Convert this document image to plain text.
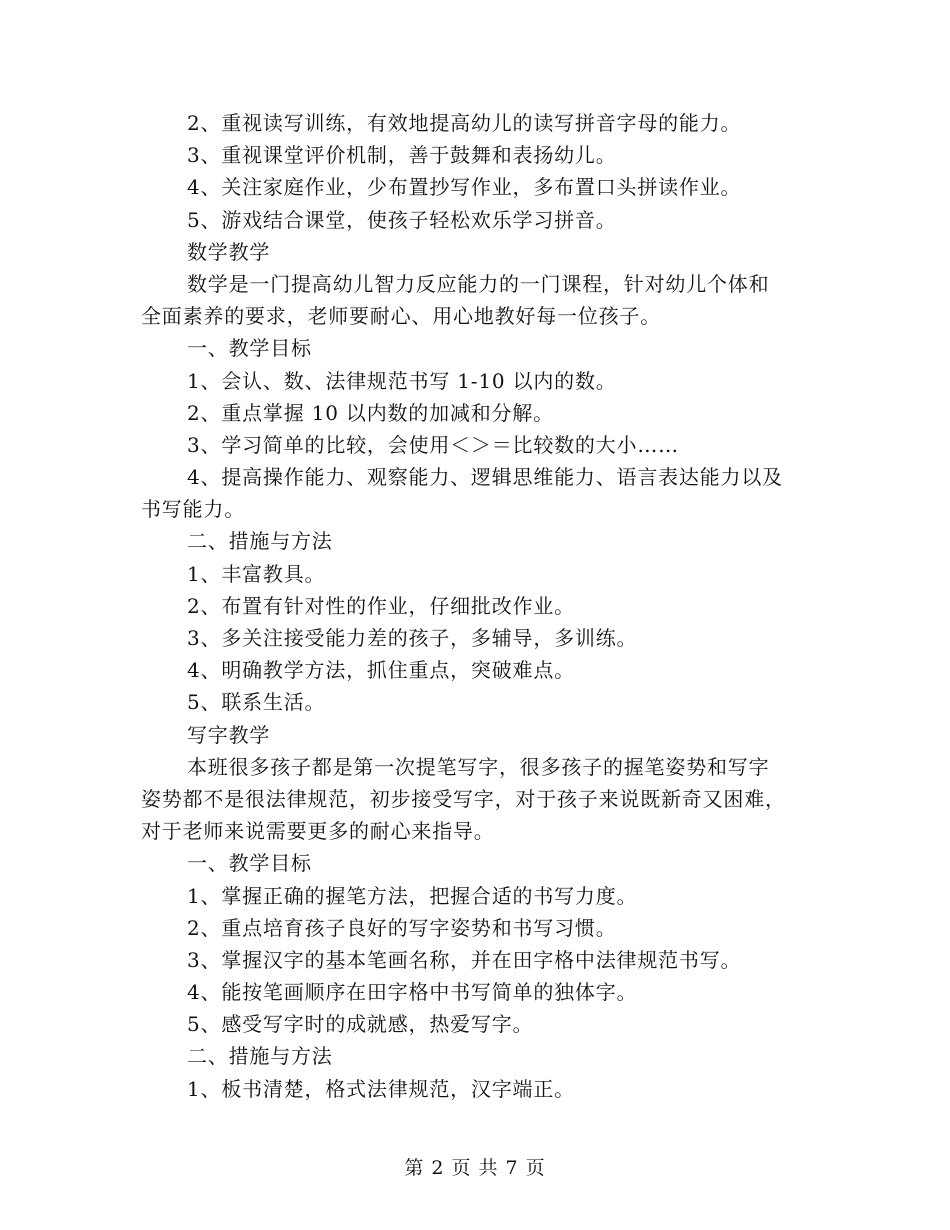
2、重视读写训练，有效地提高幼儿的读写拼音字母的能力。
3、重视课堂评价机制，善于鼓舞和表扬幼儿。
4、关注家庭作业，少布置抄写作业，多布置口头拼读作业。
5、游戏结合课堂，使孩子轻松欢乐学习拼音。
数学教学
数学是一门提高幼儿智力反应能力的一门课程，针对幼儿个体和
全面素养的要求，老师要耐心、用心地教好每一位孩子。
一、教学目标
1、会认、数、法律规范书写 1-10 以内的数。
2、重点掌握 10 以内数的加减和分解。
3、学习简单的比较，会使用＜＞＝比较数的大小……
4、提高操作能力、观察能力、逻辑思维能力、语言表达能力以及
书写能力。
二、措施与方法
1、丰富教具。
2、布置有针对性的作业，仔细批改作业。
3、多关注接受能力差的孩子，多辅导，多训练。
4、明确教学方法，抓住重点，突破难点。
5、联系生活。
写字教学
本班很多孩子都是第一次提笔写字，很多孩子的握笔姿势和写字
姿势都不是很法律规范，初步接受写字，对于孩子来说既新奇又困难，
对于老师来说需要更多的耐心来指导。
一、教学目标
1、掌握正确的握笔方法，把握合适的书写力度。
2、重点培育孩子良好的写字姿势和书写习惯。
3、掌握汉字的基本笔画名称，并在田字格中法律规范书写。
4、能按笔画顺序在田字格中书写简单的独体字。
5、感受写字时的成就感，热爱写字。
二、措施与方法
1、板书清楚，格式法律规范，汉字端正。
第 2 页 共 7 页
